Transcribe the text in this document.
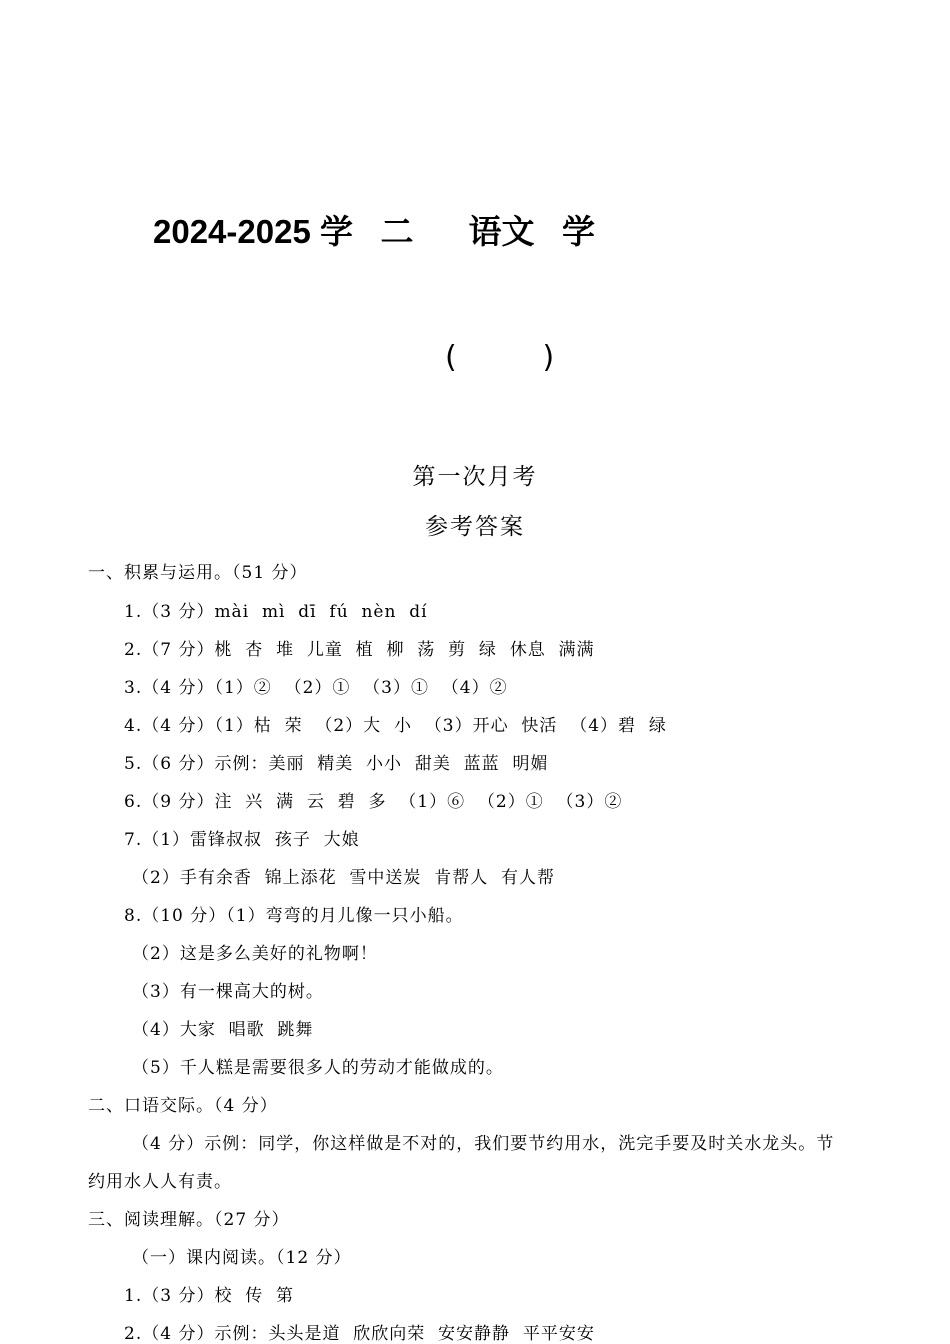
2024-2025 学   二      语文   学
(         )
第一次月考
参考答案
一、积累与运用。（51 分）
1.（3 分）mài  mì  dī  fú  nèn  dí
2.（7 分）桃  杏  堆  儿童  植  柳  荡  剪  绿  休息  满满
3.（4 分）（1）②  （2）①  （3）①  （4）②
4.（4 分）（1）枯  荣  （2）大  小  （3）开心  快活  （4）碧  绿
5.（6 分）示例：美丽  精美  小小  甜美  蓝蓝  明媚
6.（9 分）注  兴  满  云  碧  多  （1）⑥  （2）①  （3）②
7.（1）雷锋叔叔  孩子  大娘
（2）手有余香  锦上添花  雪中送炭  肯帮人  有人帮
8.（10 分）（1）弯弯的月儿像一只小船。
（2）这是多么美好的礼物啊！
（3）有一棵高大的树。
（4）大家  唱歌  跳舞
（5）千人糕是需要很多人的劳动才能做成的。
二、口语交际。（4 分）
（4 分）示例：同学，你这样做是不对的，我们要节约用水，洗完手要及时关水龙头。节
约用水人人有责。
三、阅读理解。（27 分）
（一）课内阅读。（12 分）
1.（3 分）校  传  第
2.（4 分）示例：头头是道  欣欣向荣  安安静静  平平安安
